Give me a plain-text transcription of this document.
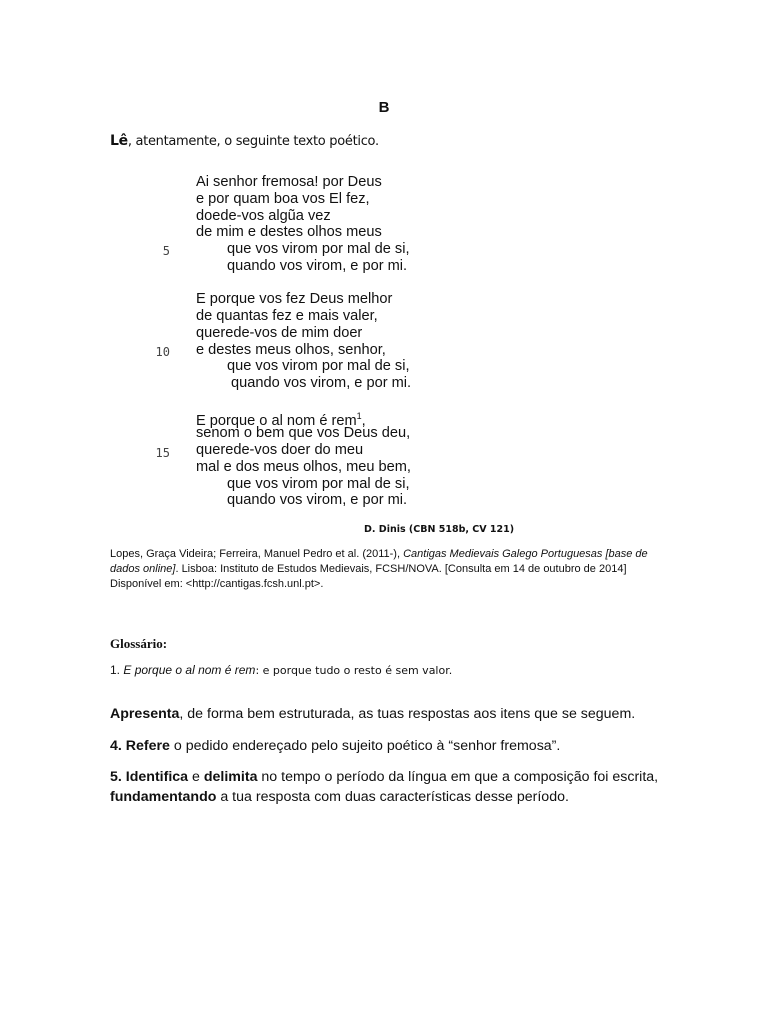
B
Lê, atentamente, o seguinte texto poético.
5
10
15
Ai senhor fremosa! por Deus
e por quam boa vos El fez,
doede-vos algũa vez
de mim e destes olhos meus
que vos virom por mal de si,
quando vos virom, e por mi.
E porque vos fez Deus melhor
de quantas fez e mais valer,
querede-vos de mim doer
e destes meus olhos, senhor,
que vos virom por mal de si,
quando vos virom, e por mi.
E porque o al nom é rem$^1$,
senom o bem que vos Deus deu,
querede-vos doer do meu
mal e dos meus olhos, meu bem,
que vos virom por mal de si,
quando vos virom, e por mi.
D. Dinis (CBN 518b, CV 121)
Lopes, Graça Videira; Ferreira, Manuel Pedro et al. (2011-), Cantigas Medievais Galego Portuguesas [base de dados online]. Lisboa: Instituto de Estudos Medievais, FCSH/NOVA. [Consulta em 14 de outubro de 2014] Disponível em: <http://cantigas.fcsh.unl.pt>.
Glossário:
1. E porque o al nom é rem: e porque tudo o resto é sem valor.

Apresenta, de forma bem estruturada, as tuas respostas aos itens que se seguem.

4. Refere o pedido endereçado pelo sujeito poético à “senhor fremosa”.

5. Identifica e delimita no tempo o período da língua em que a composição foi escrita, fundamentando a tua resposta com duas características desse período.
